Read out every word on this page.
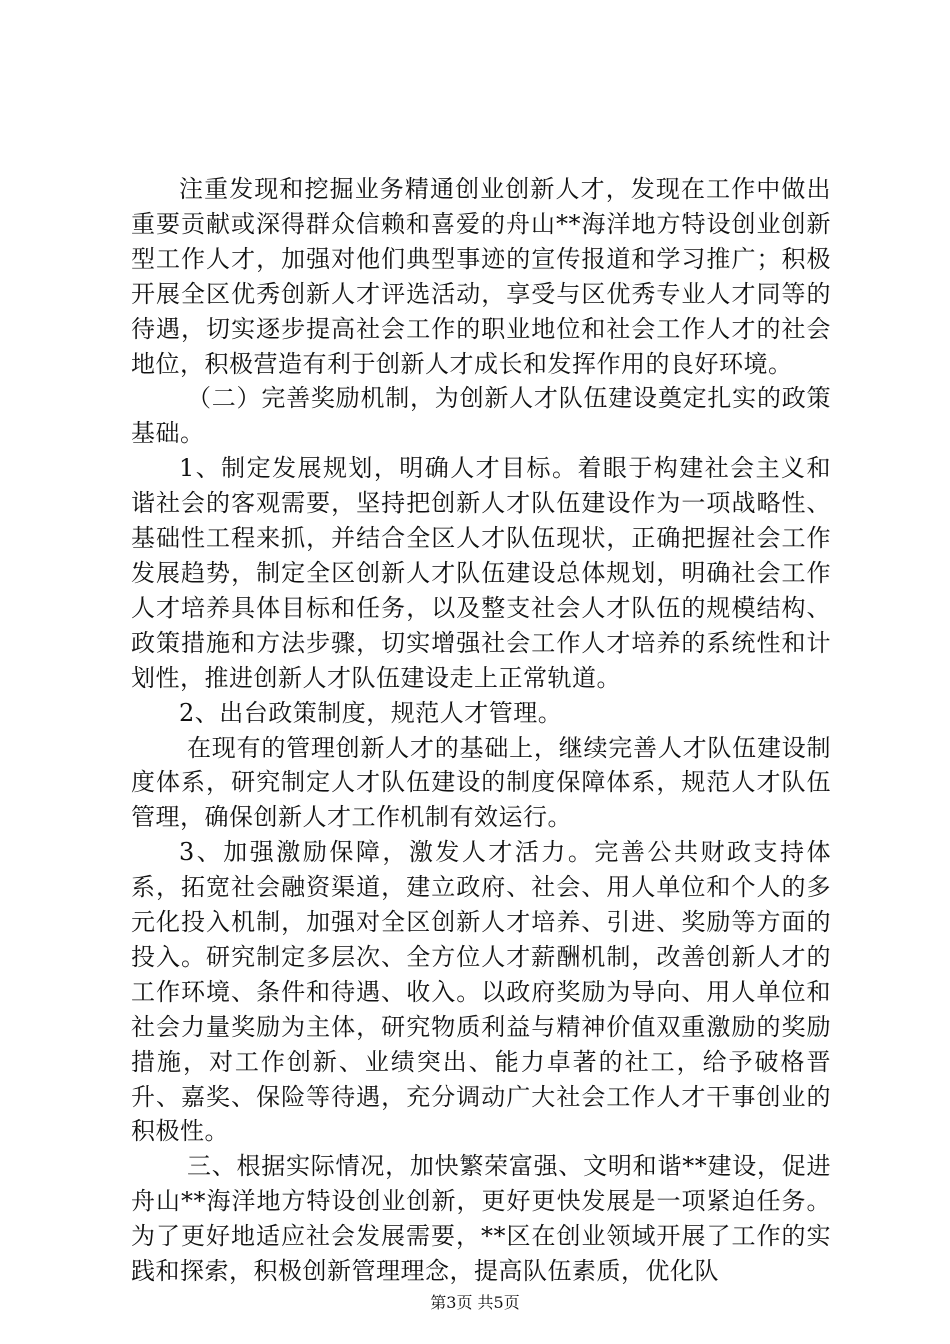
注重发现和挖掘业务精通创业创新人才，发现在工作中做出重要贡献或深得群众信赖和喜爱的舟山**海洋地方特设创业创新型工作人才，加强对他们典型事迹的宣传报道和学习推广；积极开展全区优秀创新人才评选活动，享受与区优秀专业人才同等的待遇，切实逐步提高社会工作的职业地位和社会工作人才的社会地位，积极营造有利于创新人才成长和发挥作用的良好环境。

（二）完善奖励机制，为创新人才队伍建设奠定扎实的政策基础。

1、制定发展规划，明确人才目标。着眼于构建社会主义和谐社会的客观需要，坚持把创新人才队伍建设作为一项战略性、基础性工程来抓，并结合全区人才队伍现状，正确把握社会工作发展趋势，制定全区创新人才队伍建设总体规划，明确社会工作人才培养具体目标和任务，以及整支社会人才队伍的规模结构、政策措施和方法步骤，切实增强社会工作人才培养的系统性和计划性，推进创新人才队伍建设走上正常轨道。

2、出台政策制度，规范人才管理。

在现有的管理创新人才的基础上，继续完善人才队伍建设制度体系，研究制定人才队伍建设的制度保障体系，规范人才队伍管理，确保创新人才工作机制有效运行。

3、加强激励保障，激发人才活力。完善公共财政支持体系，拓宽社会融资渠道，建立政府、社会、用人单位和个人的多元化投入机制，加强对全区创新人才培养、引进、奖励等方面的投入。研究制定多层次、全方位人才薪酬机制，改善创新人才的工作环境、条件和待遇、收入。以政府奖励为导向、用人单位和社会力量奖励为主体，研究物质利益与精神价值双重激励的奖励措施，对工作创新、业绩突出、能力卓著的社工，给予破格晋升、嘉奖、保险等待遇，充分调动广大社会工作人才干事创业的积极性。

三、根据实际情况，加快繁荣富强、文明和谐**建设，促进舟山**海洋地方特设创业创新，更好更快发展是一项紧迫任务。为了更好地适应社会发展需要，**区在创业领域开展了工作的实践和探索，积极创新管理理念，提高队伍素质，优化队

第3页 共5页
